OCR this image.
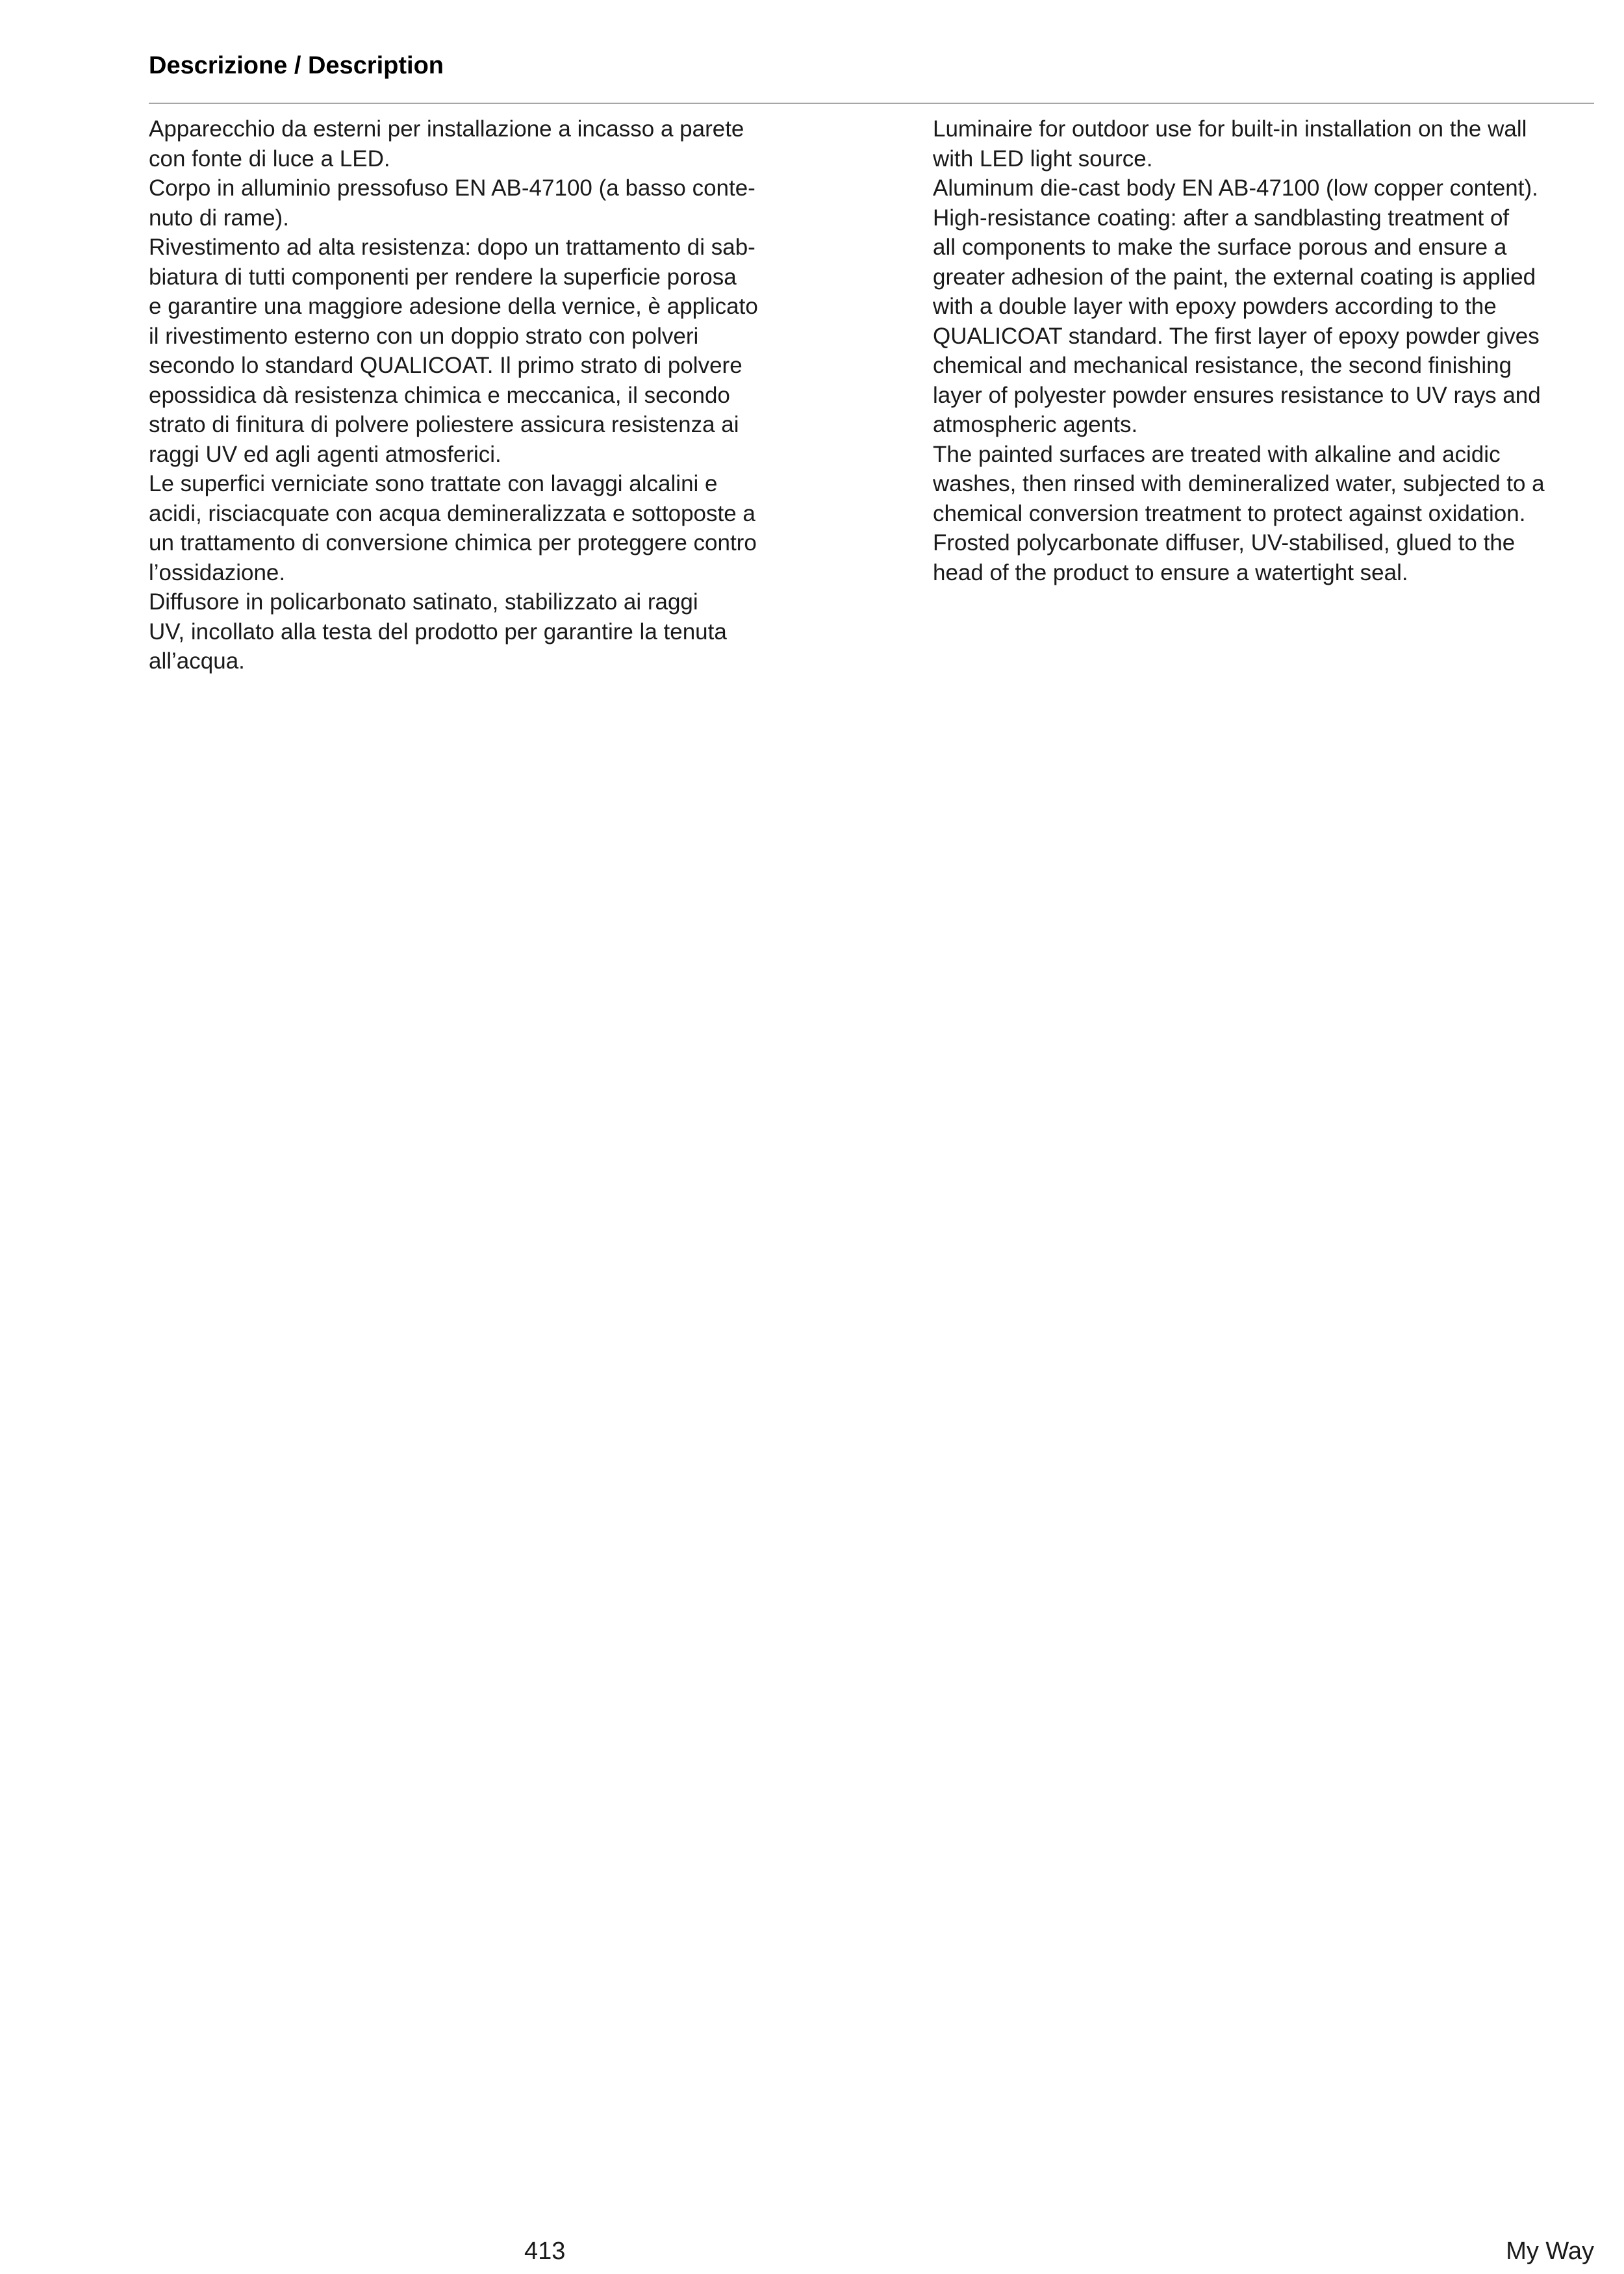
Descrizione / Description

Apparecchio da esterni per installazione a incasso a parete
con fonte di luce a LED.

Corpo in alluminio pressofuso EN AB-47100 (a basso conte-
nuto di rame).

Rivestimento ad alta resistenza: dopo un trattamento di sab-
biatura di tutti componenti per rendere la superficie porosa
e garantire una maggiore adesione della vernice, è applicato
il rivestimento esterno con un doppio strato con polveri
secondo lo standard QUALICOAT. Il primo strato di polvere
epossidica dà resistenza chimica e meccanica, il secondo
strato di finitura di polvere poliestere assicura resistenza ai
raggi UV ed agli agenti atmosferici.

Le superfici verniciate sono trattate con lavaggi alcalini e
acidi, risciacquate con acqua demineralizzata e sottoposte a
un trattamento di conversione chimica per proteggere contro
l’ossidazione.

Diffusore in policarbonato satinato, stabilizzato ai raggi
UV, incollato alla testa del prodotto per garantire la tenuta
all’acqua.

Luminaire for outdoor use for built-in installation on the wall
with LED light source.

Aluminum die-cast body EN AB-47100 (low copper content).

High-resistance coating: after a sandblasting treatment of
all components to make the surface porous and ensure a
greater adhesion of the paint, the external coating is applied
with a double layer with epoxy powders according to the
QUALICOAT standard. The first layer of epoxy powder gives
chemical and mechanical resistance, the second finishing
layer of polyester powder ensures resistance to UV rays and
atmospheric agents.

The painted surfaces are treated with alkaline and acidic
washes, then rinsed with demineralized water, subjected to a
chemical conversion treatment to protect against oxidation.

Frosted polycarbonate diffuser, UV-stabilised, glued to the
head of the product to ensure a watertight seal.

413	My Way
